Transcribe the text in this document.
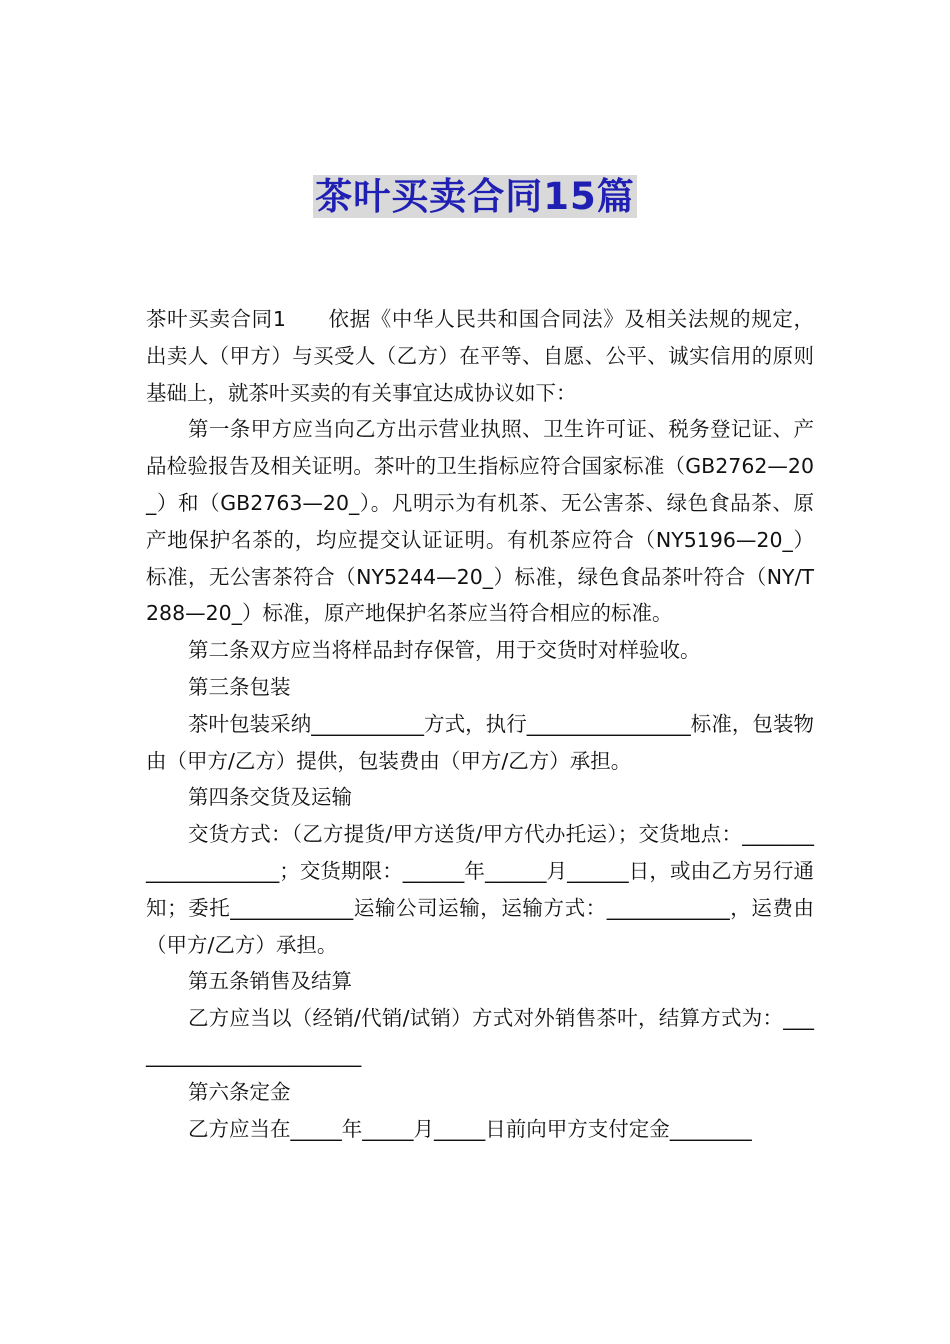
茶叶买卖合同15篇

茶叶买卖合同1 依据《中华人民共和国合同法》及相关法规的规定，出卖人（甲方）与买受人（乙方）在平等、自愿、公平、诚实信用的原则基础上，就茶叶买卖的有关事宜达成协议如下：

第一条甲方应当向乙方出示营业执照、卫生许可证、税务登记证、产品检验报告及相关证明。茶叶的卫生指标应符合国家标准（GB2762—20_）和（GB2763—20_）。凡明示为有机茶、无公害茶、绿色食品茶、原产地保护名茶的，均应提交认证证明。有机茶应符合（NY5196—20_）标准，无公害茶符合（NY5244—20_）标准，绿色食品茶叶符合（NY/T288—20_）标准，原产地保护名茶应当符合相应的标准。

第二条双方应当将样品封存保管，用于交货时对样验收。

第三条包装

茶叶包装采纳___________方式，执行________________标准，包装物由（甲方/乙方）提供，包装费由（甲方/乙方）承担。

第四条交货及运输

交货方式：（乙方提货/甲方送货/甲方代办托运）；交货地点：____________________；交货期限：______年______月______日，或由乙方另行通知；委托____________运输公司运输，运输方式：____________，运费由（甲方/乙方）承担。

第五条销售及结算

乙方应当以（经销/代销/试销）方式对外销售茶叶，结算方式为：________________________

第六条定金

乙方应当在_____年_____月_____日前向甲方支付定金________
